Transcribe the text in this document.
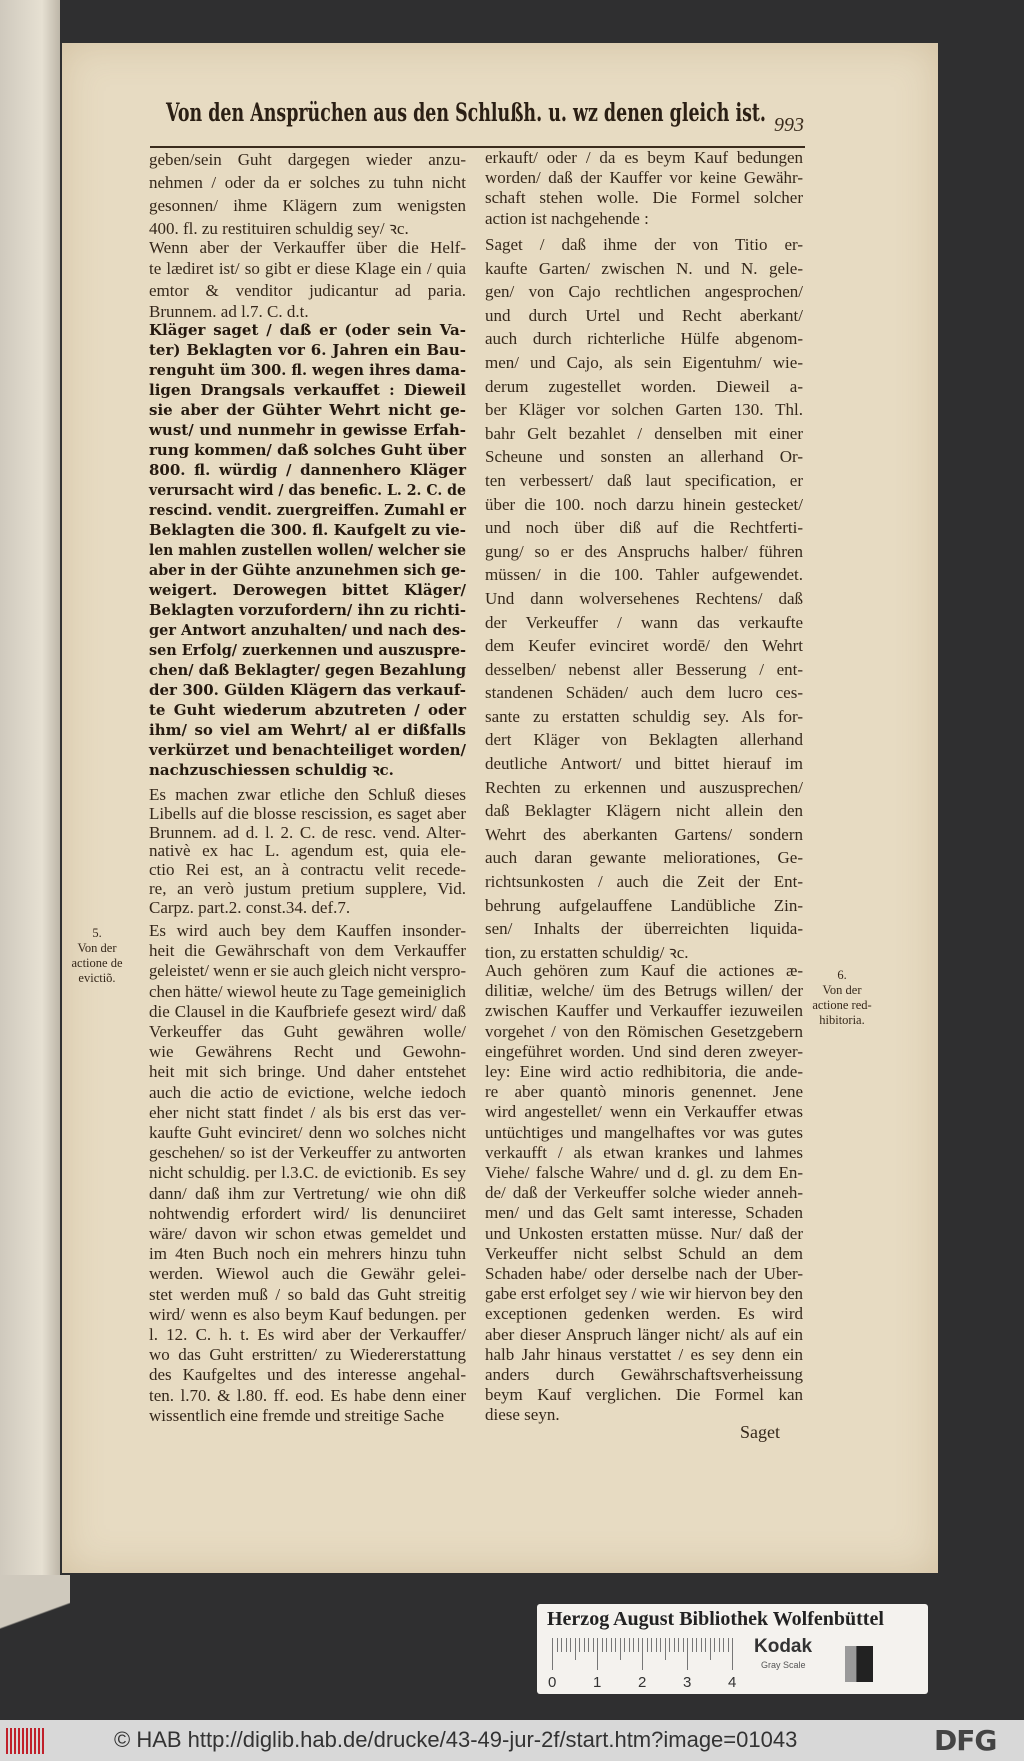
Von den Ansprüchen aus den Schlußh. u. wz denen gleich ist. 993
geben/sein Guht dargegen wieder anzu-
nehmen / oder da er solches zu tuhn nicht
gesonnen/ ihme Klägern zum wenigsten
400. fl. zu restituiren schuldig sey/ ꝛc.
Wenn aber der Verkauffer über die Helf-
te lædiret ist/ so gibt er diese Klage ein / quia
emtor & venditor judicantur ad paria.
Brunnem. ad l.7. C. d.t.
Kläger saget / daß er (oder sein Va-
ter) Beklagten vor 6. Jahren ein Bau-
renguht üm 300. fl. wegen ihres dama-
ligen Drangsals verkauffet : Dieweil
sie aber der Gühter Wehrt nicht ge-
wust/ und nunmehr in gewisse Erfah-
rung kommen/ daß solches Guht über
800. fl. würdig / dannenhero Kläger
verursacht wird / das benefic. L. 2. C. de
rescind. vendit. zuergreiffen. Zumahl er
Beklagten die 300. fl. Kaufgelt zu vie-
len mahlen zustellen wollen/ welcher sie
aber in der Gühte anzunehmen sich ge-
weigert. Derowegen bittet Kläger/
Beklagten vorzufordern/ ihn zu richti-
ger Antwort anzuhalten/ und nach des-
sen Erfolg/ zuerkennen und auszuspre-
chen/ daß Beklagter/ gegen Bezahlung
der 300. Gülden Klägern das verkauf-
te Guht wiederum abzutreten / oder
ihm/ so viel am Wehrt/ al er dißfalls
verkürzet und benachteiliget worden/
nachzuschiessen schuldig ꝛc.
Es machen zwar etliche den Schluß dieses
Libells auf die blosse rescission, es saget aber
Brunnem. ad d. l. 2. C. de resc. vend. Alter-
nativè ex hac L. agendum est, quia ele-
ctio Rei est, an à contractu velit recede-
re, an verò justum pretium supplere, Vid.
Carpz. part.2. const.34. def.7.
Es wird auch bey dem Kauffen insonder-
heit die Gewährschaft von dem Verkauffer
geleistet/ wenn er sie auch gleich nicht verspro-
chen hätte/ wiewol heute zu Tage gemeiniglich
die Clausel in die Kaufbriefe gesezt wird/ daß
Verkeuffer das Guht gewähren wolle/
wie Gewährens Recht und Gewohn-
heit mit sich bringe. Und daher entstehet
auch die actio de evictione, welche iedoch
eher nicht statt findet / als bis erst das ver-
kaufte Guht evinciret/ denn wo solches nicht
geschehen/ so ist der Verkeuffer zu antworten
nicht schuldig. per l.3.C. de evictionib. Es sey
dann/ daß ihm zur Vertretung/ wie ohn diß
nohtwendig erfordert wird/ lis denunciiret
wäre/ davon wir schon etwas gemeldet und
im 4ten Buch noch ein mehrers hinzu tuhn
werden. Wiewol auch die Gewähr gelei-
stet werden muß / so bald das Guht streitig
wird/ wenn es also beym Kauf bedungen. per
l. 12. C. h. t. Es wird aber der Verkauffer/
wo das Guht erstritten/ zu Wiedererstattung
des Kaufgeltes und des interesse angehal-
ten. l.70. & l.80. ff. eod. Es habe denn einer
wissentlich eine fremde und streitige Sache
erkauft/ oder / da es beym Kauf bedungen
worden/ daß der Kauffer vor keine Gewähr-
schaft stehen wolle. Die Formel solcher
action ist nachgehende :
Saget / daß ihme der von Titio er-
kaufte Garten/ zwischen N. und N. gele-
gen/ von Cajo rechtlichen angesprochen/
und durch Urtel und Recht aberkant/
auch durch richterliche Hülfe abgenom-
men/ und Cajo, als sein Eigentuhm/ wie-
derum zugestellet worden. Dieweil a-
ber Kläger vor solchen Garten 130. Thl.
bahr Gelt bezahlet / denselben mit einer
Scheune und sonsten an allerhand Or-
ten verbessert/ daß laut specification, er
über die 100. noch darzu hinein gestecket/
und noch über diß auf die Rechtferti-
gung/ so er des Anspruchs halber/ führen
müssen/ in die 100. Tahler aufgewendet.
Und dann wolversehenes Rechtens/ daß
der Verkeuffer / wann das verkaufte
dem Keufer evinciret wordē/ den Wehrt
desselben/ nebenst aller Besserung / ent-
standenen Schäden/ auch dem lucro ces-
sante zu erstatten schuldig sey. Als for-
dert Kläger von Beklagten allerhand
deutliche Antwort/ und bittet hierauf im
Rechten zu erkennen und auszusprechen/
daß Beklagter Klägern nicht allein den
Wehrt des aberkanten Gartens/ sondern
auch daran gewante meliorationes, Ge-
richtsunkosten / auch die Zeit der Ent-
behrung aufgelauffene Landübliche Zin-
sen/ Inhalts der überreichten liquida-
tion, zu erstatten schuldig/ ꝛc.
Auch gehören zum Kauf die actiones æ-
dilitiæ, welche/ üm des Betrugs willen/ der
zwischen Kauffer und Verkauffer iezuweilen
vorgehet / von den Römischen Gesetzgebern
eingeführet worden. Und sind deren zweyer-
ley: Eine wird actio redhibitoria, die ande-
re aber quantò minoris genennet. Jene
wird angestellet/ wenn ein Verkauffer etwas
untüchtiges und mangelhaftes vor was gutes
verkaufft / als etwan krankes und lahmes
Viehe/ falsche Wahre/ und d. gl. zu dem En-
de/ daß der Verkeuffer solche wieder anneh-
men/ und das Gelt samt interesse, Schaden
und Unkosten erstatten müsse. Nur/ daß der
Verkeuffer nicht selbst Schuld an dem
Schaden habe/ oder derselbe nach der Uber-
gabe erst erfolget sey / wie wir hiervon bey den
exceptionen gedenken werden. Es wird
aber dieser Anspruch länger nicht/ als auf ein
halb Jahr hinaus verstattet / es sey denn ein
anders durch Gewährschaftsverheissung
beym Kauf verglichen. Die Formel kan
diese seyn.
5.
Von der
actione de
evictiõ.	6.
Von der
actione red-
hibitoria.
Saget
Herzog August Bibliothek Wolfenbüttel
0 1 2 3 4
Kodak
Gray Scale
© HAB http://diglib.hab.de/drucke/43-49-jur-2f/start.htm?image=01043	DFG
